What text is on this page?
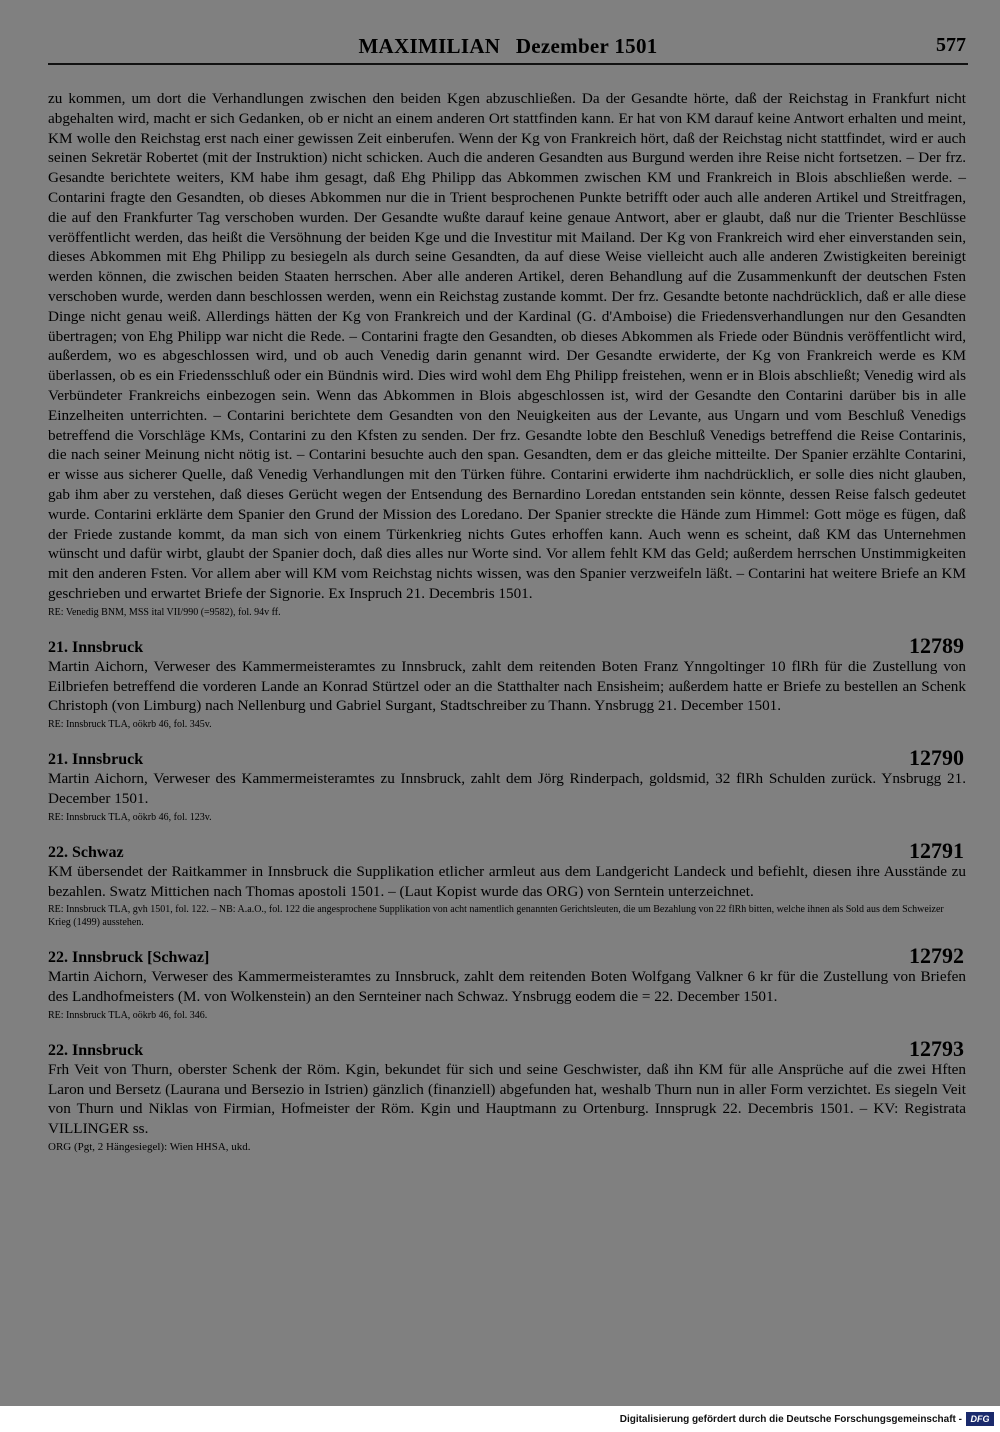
MAXIMILIAN Dezember 1501	577

zu kommen, um dort die Verhandlungen zwischen den beiden Kgen abzuschließen. Da der Gesandte hörte, daß der Reichstag in Frankfurt nicht abgehalten wird, macht er sich Gedanken, ob er nicht an einem anderen Ort stattfinden kann. Er hat von KM darauf keine Antwort erhalten und meint, KM wolle den Reichstag erst nach einer gewissen Zeit einberufen. Wenn der Kg von Frankreich hört, daß der Reichstag nicht stattfindet, wird er auch seinen Sekretär Robertet (mit der Instruktion) nicht schicken. Auch die anderen Gesandten aus Burgund werden ihre Reise nicht fortsetzen. – Der frz. Gesandte berichtete weiters, KM habe ihm gesagt, daß Ehg Philipp das Abkommen zwischen KM und Frankreich in Blois abschließen werde. – Contarini fragte den Gesandten, ob dieses Abkommen nur die in Trient besprochenen Punkte betrifft oder auch alle anderen Artikel und Streitfragen, die auf den Frankfurter Tag verschoben wurden. Der Gesandte wußte darauf keine genaue Antwort, aber er glaubt, daß nur die Trienter Beschlüsse veröffentlicht werden, das heißt die Versöhnung der beiden Kge und die Investitur mit Mailand. Der Kg von Frankreich wird eher einverstanden sein, dieses Abkommen mit Ehg Philipp zu besiegeln als durch seine Gesandten, da auf diese Weise vielleicht auch alle anderen Zwistigkeiten bereinigt werden können, die zwischen beiden Staaten herrschen. Aber alle anderen Artikel, deren Behandlung auf die Zusammenkunft der deutschen Fsten verschoben wurde, werden dann beschlossen werden, wenn ein Reichstag zustande kommt. Der frz. Gesandte betonte nachdrücklich, daß er alle diese Dinge nicht genau weiß. Allerdings hätten der Kg von Frankreich und der Kardinal (G. d'Amboise) die Friedensverhandlungen nur den Gesandten übertragen; von Ehg Philipp war nicht die Rede. – Contarini fragte den Gesandten, ob dieses Abkommen als Friede oder Bündnis veröffentlicht wird, außerdem, wo es abgeschlossen wird, und ob auch Venedig darin genannt wird. Der Gesandte erwiderte, der Kg von Frankreich werde es KM überlassen, ob es ein Friedensschluß oder ein Bündnis wird. Dies wird wohl dem Ehg Philipp freistehen, wenn er in Blois abschließt; Venedig wird als Verbündeter Frankreichs einbezogen sein. Wenn das Abkommen in Blois abgeschlossen ist, wird der Gesandte den Contarini darüber bis in alle Einzelheiten unterrichten. – Contarini berichtete dem Gesandten von den Neuigkeiten aus der Levante, aus Ungarn und vom Beschluß Venedigs betreffend die Vorschläge KMs, Contarini zu den Kfsten zu senden. Der frz. Gesandte lobte den Beschluß Venedigs betreffend die Reise Contarinis, die nach seiner Meinung nicht nötig ist. – Contarini besuchte auch den span. Gesandten, dem er das gleiche mitteilte. Der Spanier erzählte Contarini, er wisse aus sicherer Quelle, daß Venedig Verhandlungen mit den Türken führe. Contarini erwiderte ihm nachdrücklich, er solle dies nicht glauben, gab ihm aber zu verstehen, daß dieses Gerücht wegen der Entsendung des Bernardino Loredan entstanden sein könnte, dessen Reise falsch gedeutet wurde. Contarini erklärte dem Spanier den Grund der Mission des Loredano. Der Spanier streckte die Hände zum Himmel: Gott möge es fügen, daß der Friede zustande kommt, da man sich von einem Türkenkrieg nichts Gutes erhoffen kann. Auch wenn es scheint, daß KM das Unternehmen wünscht und dafür wirbt, glaubt der Spanier doch, daß dies alles nur Worte sind. Vor allem fehlt KM das Geld; außerdem herrschen Unstimmigkeiten mit den anderen Fsten. Vor allem aber will KM vom Reichstag nichts wissen, was den Spanier verzweifeln läßt. – Contarini hat weitere Briefe an KM geschrieben und erwartet Briefe der Signorie. Ex Inspruch 21. Decembris 1501.

RE: Venedig BNM, MSS ital VII/990 (=9582), fol. 94v ff.

21. Innsbruck	12789

Martin Aichorn, Verweser des Kammermeisteramtes zu Innsbruck, zahlt dem reitenden Boten Franz Ynngoltinger 10 flRh für die Zustellung von Eilbriefen betreffend die vorderen Lande an Konrad Stürtzel oder an die Statthalter nach Ensisheim; außerdem hatte er Briefe zu bestellen an Schenk Christoph (von Limburg) nach Nellenburg und Gabriel Surgant, Stadtschreiber zu Thann. Ynsbrugg 21. December 1501.

RE: Innsbruck TLA, oökrb 46, fol. 345v.

21. Innsbruck	12790

Martin Aichorn, Verweser des Kammermeisteramtes zu Innsbruck, zahlt dem Jörg Rinderpach, goldsmid, 32 flRh Schulden zurück. Ynsbrugg 21. December 1501.

RE: Innsbruck TLA, oökrb 46, fol. 123v.

22. Schwaz	12791

KM übersendet der Raitkammer in Innsbruck die Supplikation etlicher armleut aus dem Landgericht Landeck und befiehlt, diesen ihre Ausstände zu bezahlen. Swatz Mittichen nach Thomas apostoli 1501. – (Laut Kopist wurde das ORG) von Serntein unterzeichnet.

RE: Innsbruck TLA, gvh 1501, fol. 122. – NB: A.a.O., fol. 122 die angesprochene Supplikation von acht namentlich genannten Gerichtsleuten, die um Bezahlung von 22 flRh bitten, welche ihnen als Sold aus dem Schweizer Krieg (1499) ausstehen.

22. Innsbruck [Schwaz]	12792

Martin Aichorn, Verweser des Kammermeisteramtes zu Innsbruck, zahlt dem reitenden Boten Wolfgang Valkner 6 kr für die Zustellung von Briefen des Landhofmeisters (M. von Wolkenstein) an den Sernteiner nach Schwaz. Ynsbrugg eodem die = 22. December 1501.

RE: Innsbruck TLA, oökrb 46, fol. 346.

22. Innsbruck	12793

Frh Veit von Thurn, oberster Schenk der Röm. Kgin, bekundet für sich und seine Geschwister, daß ihn KM für alle Ansprüche auf die zwei Hften Laron und Bersetz (Laurana und Bersezio in Istrien) gänzlich (finanziell) abgefunden hat, weshalb Thurn nun in aller Form verzichtet. Es siegeln Veit von Thurn und Niklas von Firmian, Hofmeister der Röm. Kgin und Hauptmann zu Ortenburg. Innsprugk 22. Decembris 1501. – KV: Registrata VILLINGER ss.

ORG (Pgt, 2 Hängesiegel): Wien HHSA, ukd.

Digitalisierung gefördert durch die Deutsche Forschungsgemeinschaft - DFG
